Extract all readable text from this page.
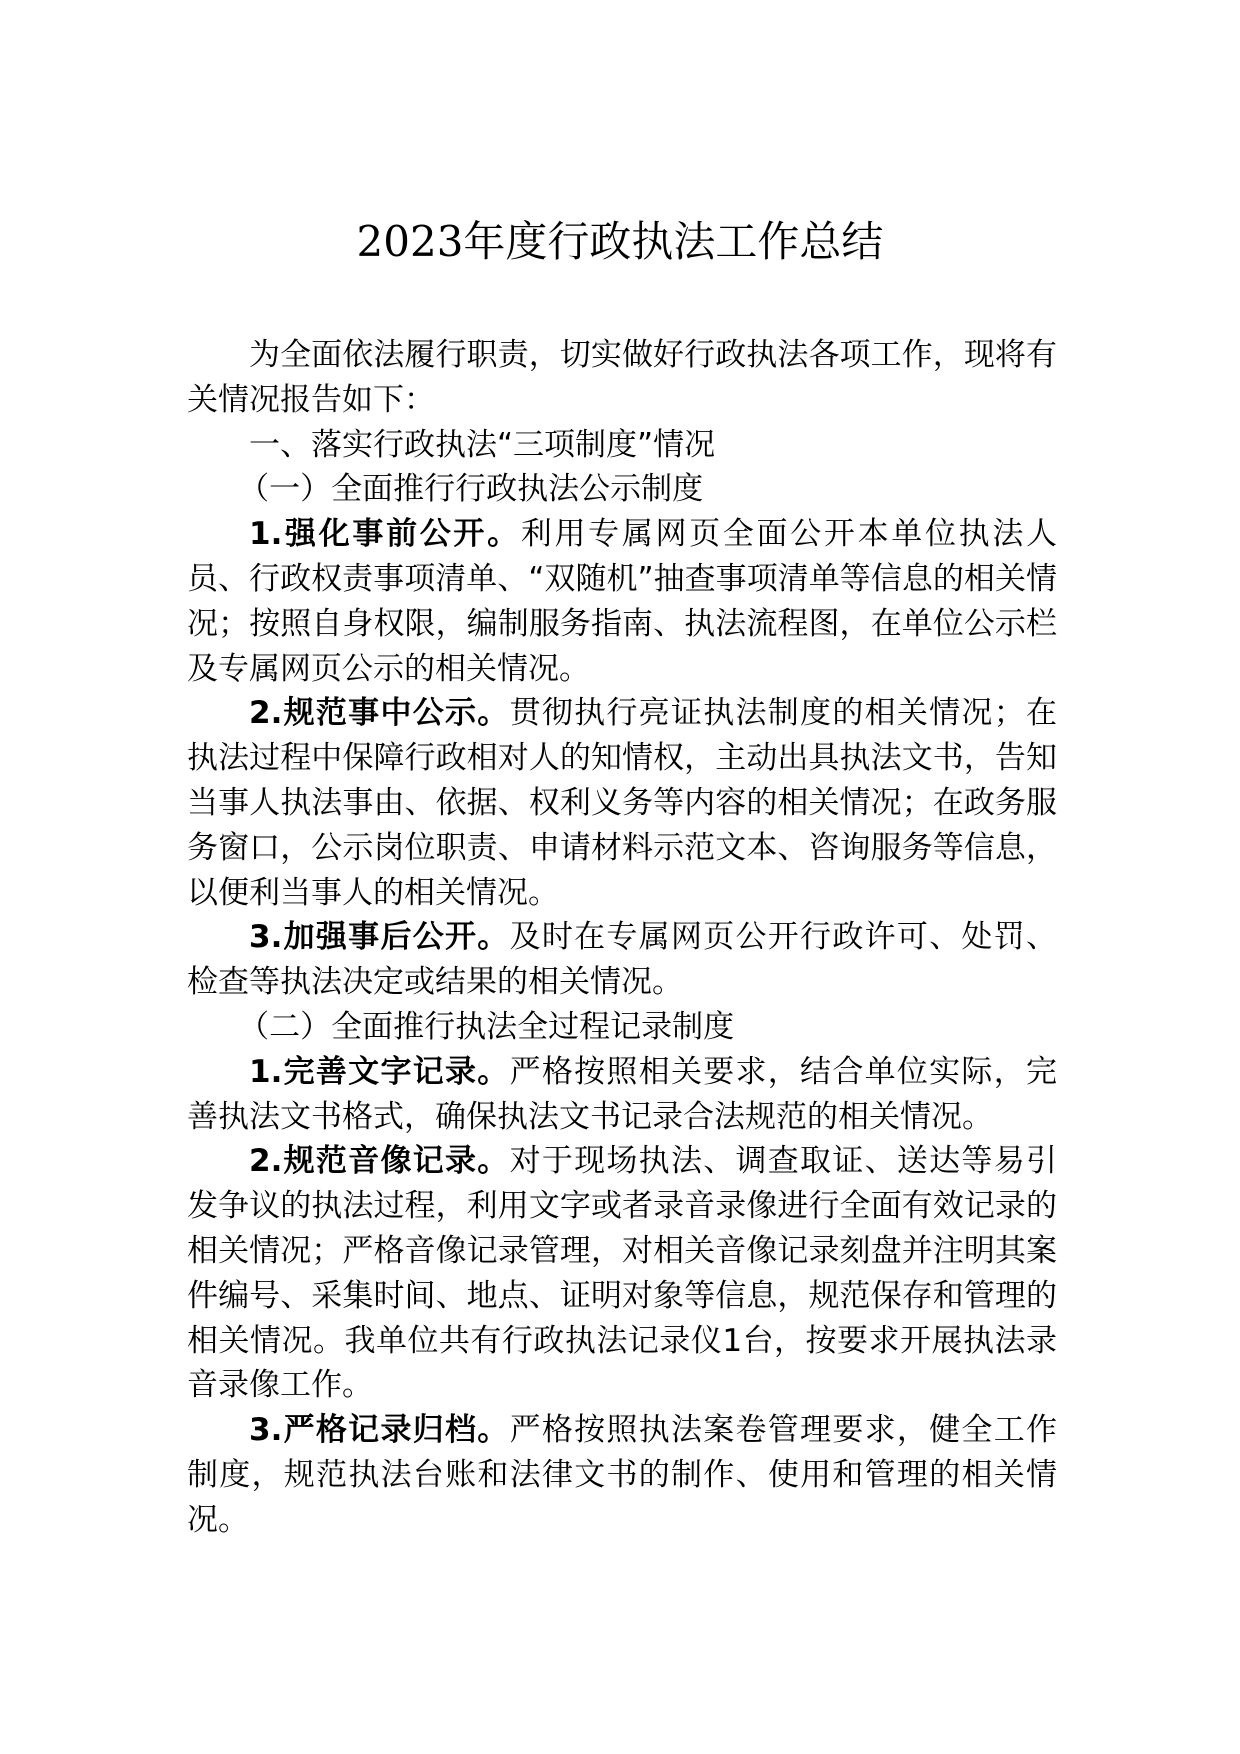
2023年度行政执法工作总结

为全面依法履行职责，切实做好行政执法各项工作，现将有关情况报告如下：

一、落实行政执法“三项制度”情况

（一）全面推行行政执法公示制度

1.强化事前公开。利用专属网页全面公开本单位执法人员、行政权责事项清单、“双随机”抽查事项清单等信息的相关情况；按照自身权限，编制服务指南、执法流程图，在单位公示栏及专属网页公示的相关情况。

2.规范事中公示。贯彻执行亮证执法制度的相关情况；在执法过程中保障行政相对人的知情权，主动出具执法文书，告知当事人执法事由、依据、权利义务等内容的相关情况；在政务服务窗口，公示岗位职责、申请材料示范文本、咨询服务等信息，以便利当事人的相关情况。

3.加强事后公开。及时在专属网页公开行政许可、处罚、检查等执法决定或结果的相关情况。

（二）全面推行执法全过程记录制度

1.完善文字记录。严格按照相关要求，结合单位实际，完善执法文书格式，确保执法文书记录合法规范的相关情况。

2.规范音像记录。对于现场执法、调查取证、送达等易引发争议的执法过程，利用文字或者录音录像进行全面有效记录的相关情况；严格音像记录管理，对相关音像记录刻盘并注明其案件编号、采集时间、地点、证明对象等信息，规范保存和管理的相关情况。我单位共有行政执法记录仪1台，按要求开展执法录音录像工作。

3.严格记录归档。严格按照执法案卷管理要求，健全工作制度，规范执法台账和法律文书的制作、使用和管理的相关情况。
